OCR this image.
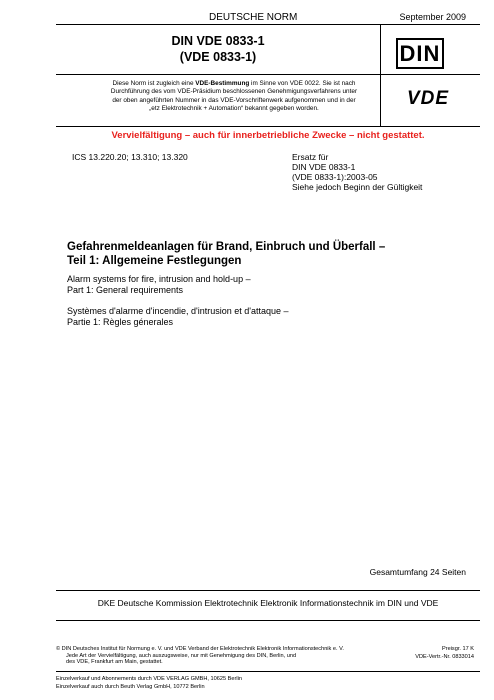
DEUTSCHE NORM	September 2009
DIN VDE 0833-1
(VDE 0833-1)	DIN
VDE
Diese Norm ist zugleich eine VDE-Bestimmung im Sinne von VDE 0022. Sie ist nach
Durchführung des vom VDE-Präsidium beschlossenen Genehmigungsverfahrens unter
der oben angeführten Nummer in das VDE-Vorschriftenwerk aufgenommen und in der
„etz Elektrotechnik + Automation“ bekannt gegeben worden.
Vervielfältigung – auch für innerbetriebliche Zwecke – nicht gestattet.
ICS 13.220.20; 13.310; 13.320	Ersatz für
DIN VDE 0833-1
(VDE 0833-1):2003-05
Siehe jedoch Beginn der Gültigkeit
Gefahrenmeldeanlagen für Brand, Einbruch und Überfall –
Teil 1: Allgemeine Festlegungen
Alarm systems for fire, intrusion and hold-up –
Part 1: General requirements
Systèmes d'alarme d'incendie, d'intrusion et d'attaque –
Partie 1: Règles génerales
Gesamtumfang 24 Seiten
DKE Deutsche Kommission Elektrotechnik Elektronik Informationstechnik im DIN und VDE
© DIN Deutsches Institut für Normung e. V. und VDE Verband der Elektrotechnik Elektronik Informationstechnik e. V.
Jede Art der Vervielfältigung, auch auszugsweise, nur mit Genehmigung des DIN, Berlin, und
des VDE, Frankfurt am Main, gestattet.
Preisgr. 17 K
VDE-Vertr.-Nr. 0833014
Einzelverkauf und Abonnements durch VDE VERLAG GMBH, 10625 Berlin
Einzelverkauf auch durch Beuth Verlag GmbH, 10772 Berlin
